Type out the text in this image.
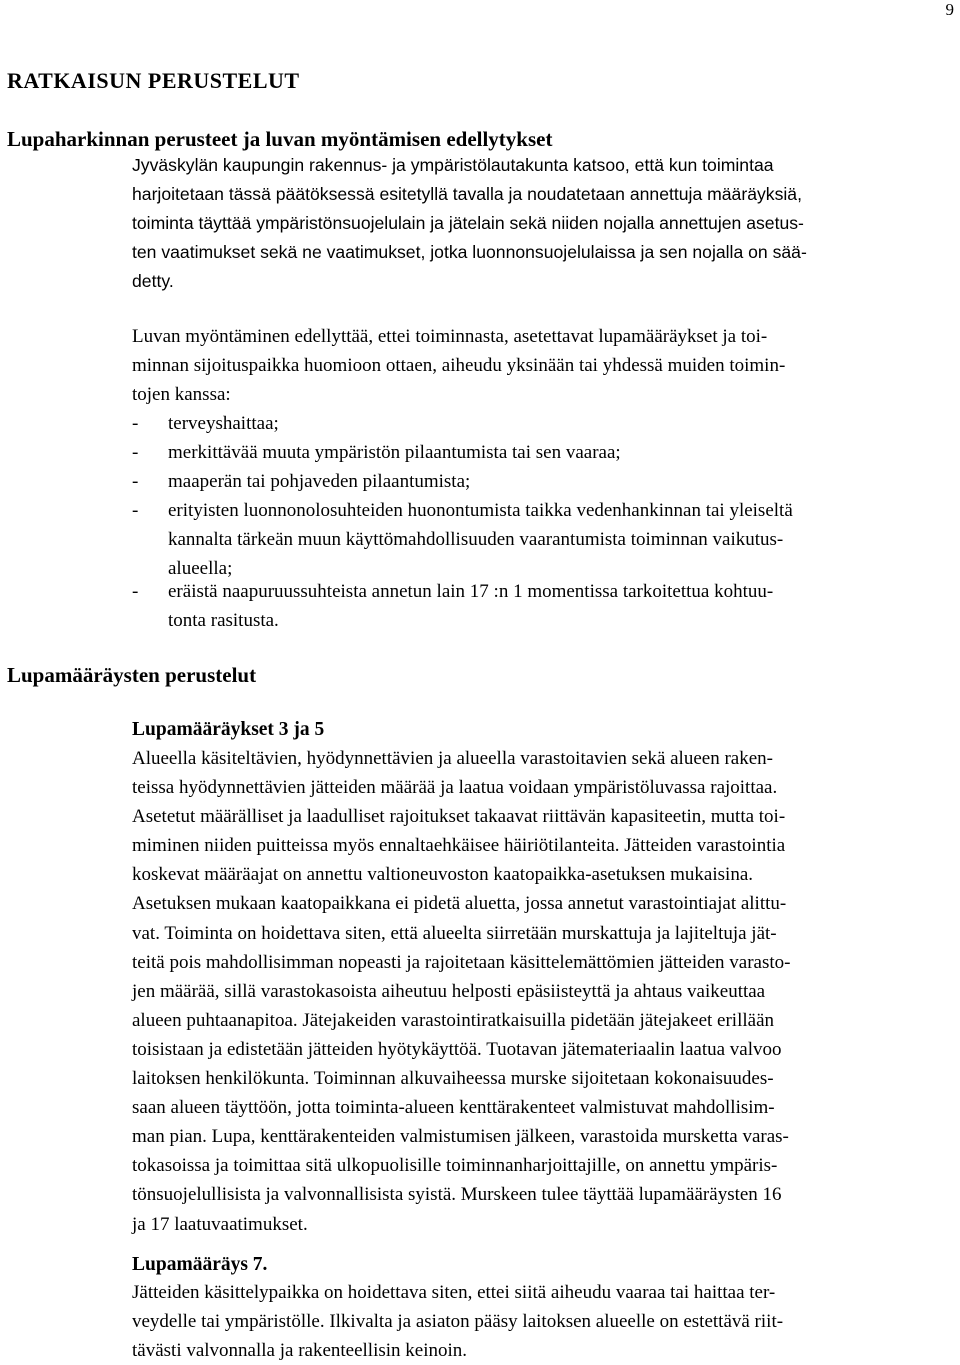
9
RATKAISUN PERUSTELUT
Lupaharkinnan perusteet ja luvan myöntämisen edellytykset
Jyväskylän kaupungin rakennus- ja ympäristölautakunta katsoo, että kun toimintaa
harjoitetaan tässä päätöksessä esitetyllä tavalla ja noudatetaan annettuja määräyksiä,
toiminta täyttää ympäristönsuojelulain ja jätelain sekä niiden nojalla annettujen asetus-
ten vaatimukset sekä ne vaatimukset, jotka luonnonsuojelulaissa ja sen nojalla on sää-
detty.
Luvan myöntäminen edellyttää, ettei toiminnasta, asetettavat lupamääräykset ja toi-
minnan sijoituspaikka huomioon ottaen, aiheudu yksinään tai yhdessä muiden toimin-
tojen kanssa:
- terveyshaittaa;
- merkittävää muuta ympäristön pilaantumista tai sen vaaraa;
- maaperän tai pohjaveden pilaantumista;
- erityisten luonnonolosuhteiden huonontumista taikka vedenhankinnan tai yleiseltä
kannalta tärkeän muun käyttömahdollisuuden vaarantumista toiminnan vaikutus-
alueella;
- eräistä naapuruussuhteista annetun lain 17 :n 1 momentissa tarkoitettua kohtuu-
tonta rasitusta.
Lupamääräysten perustelut
Lupamääräykset 3 ja 5
Alueella käsiteltävien, hyödynnettävien ja alueella varastoitavien sekä alueen raken-
teissa hyödynnettävien jätteiden määrää ja laatua voidaan ympäristöluvassa rajoittaa.
Asetetut määrälliset ja laadulliset rajoitukset takaavat riittävän kapasiteetin, mutta toi-
miminen niiden puitteissa myös ennaltaehkäisee häiriötilanteita. Jätteiden varastointia
koskevat määräajat on annettu valtioneuvoston kaatopaikka-asetuksen mukaisina.
Asetuksen mukaan kaatopaikkana ei pidetä aluetta, jossa annetut varastointiajat alittu-
vat. Toiminta on hoidettava siten, että alueelta siirretään murskattuja ja lajiteltuja jät-
teitä pois mahdollisimman nopeasti ja rajoitetaan käsittelemättömien jätteiden varasto-
jen määrää, sillä varastokasoista aiheutuu helposti epäsiisteyttä ja ahtaus vaikeuttaa
alueen puhtaanapitoa. Jätejakeiden varastointiratkaisuilla pidetään jätejakeet erillään
toisistaan ja edistetään jätteiden hyötykäyttöä. Tuotavan jätemateriaalin laatua valvoo
laitoksen henkilökunta. Toiminnan alkuvaiheessa murske sijoitetaan kokonaisuudes-
saan alueen täyttöön, jotta toiminta-alueen kenttärakenteet valmistuvat mahdollisim-
man pian. Lupa, kenttärakenteiden valmistumisen jälkeen, varastoida mursketta varas-
tokasoissa ja toimittaa sitä ulkopuolisille toiminnanharjoittajille, on annettu ympäris-
tönsuojelullisista ja valvonnallisista syistä. Murskeen tulee täyttää lupamääräysten 16
ja 17 laatuvaatimukset.
Lupamääräys 7.
Jätteiden käsittelypaikka on hoidettava siten, ettei siitä aiheudu vaaraa tai haittaa ter-
veydelle tai ympäristölle. Ilkivalta ja asiaton pääsy laitoksen alueelle on estettävä riit-
tävästi valvonnalla ja rakenteellisin keinoin.
